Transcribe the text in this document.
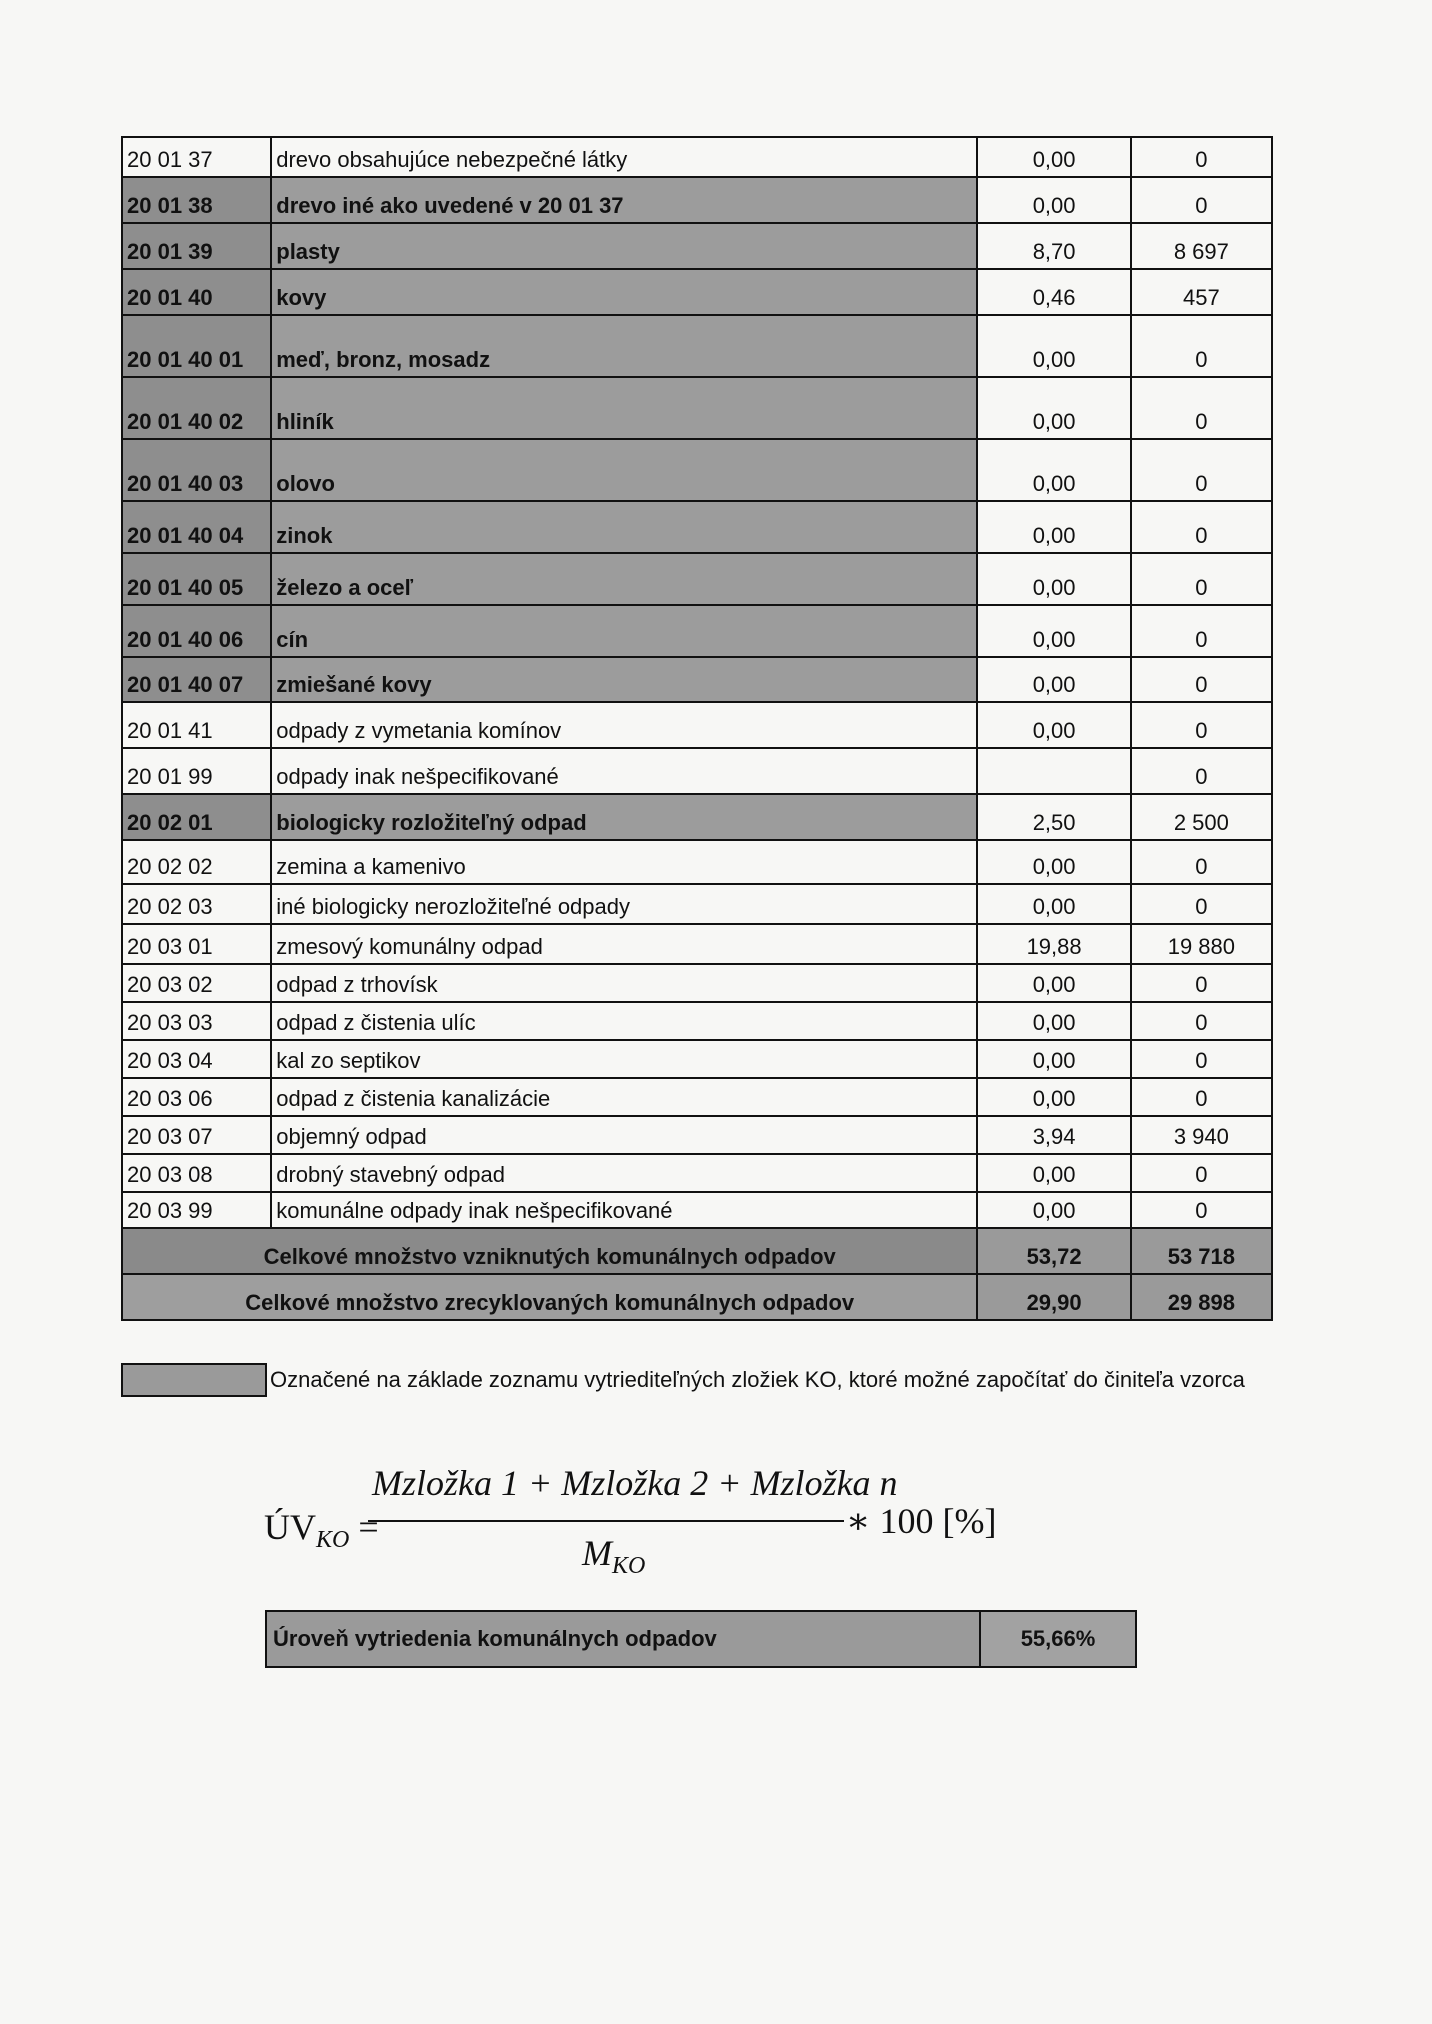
20 01 37	drevo obsahujúce nebezpečné látky	0,00	0
20 01 38	drevo iné ako uvedené v 20 01 37	0,00	0
20 01 39	plasty	8,70	8 697
20 01 40	kovy	0,46	457
20 01 40 01	meď, bronz, mosadz	0,00	0
20 01 40 02	hliník	0,00	0
20 01 40 03	olovo	0,00	0
20 01 40 04	zinok	0,00	0
20 01 40 05	železo a oceľ	0,00	0
20 01 40 06	cín	0,00	0
20 01 40 07	zmiešané kovy	0,00	0
20 01 41	odpady z vymetania komínov	0,00	0
20 01 99	odpady inak nešpecifikované		0
20 02 01	biologicky rozložiteľný odpad	2,50	2 500
20 02 02	zemina a kamenivo	0,00	0
20 02 03	iné biologicky nerozložiteľné odpady	0,00	0
20 03 01	zmesový komunálny odpad	19,88	19 880
20 03 02	odpad z trhovísk	0,00	0
20 03 03	odpad z čistenia ulíc	0,00	0
20 03 04	kal zo septikov	0,00	0
20 03 06	odpad z čistenia kanalizácie	0,00	0
20 03 07	objemný odpad	3,94	3 940
20 03 08	drobný stavebný odpad	0,00	0
20 03 99	komunálne odpady inak nešpecifikované	0,00	0
Celkové množstvo vzniknutých komunálnych odpadov		53,72	53 718
Celkové množstvo zrecyklovaných komunálnych odpadov		29,90	29 898
Označené na základe zoznamu vytriediteľných zložiek KO, ktoré možné započítať do činiteľa vzorca
$ÚV_{KO}$ =
Mzložka 1 + Mzložka 2 + Mzložka n
$M_{KO}$
∗ 100 [%]
Úroveň vytriedenia komunálnych odpadov	55,66%
